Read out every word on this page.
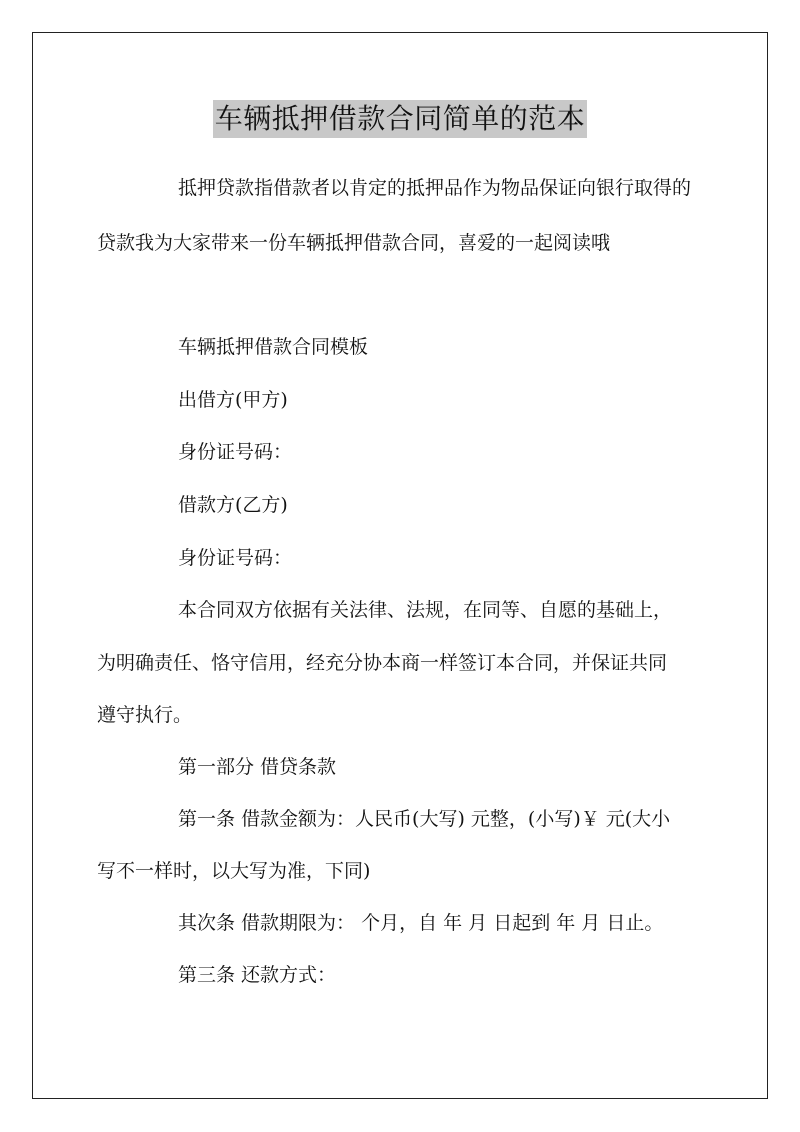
车辆抵押借款合同简单的范本

抵押贷款指借款者以肯定的抵押品作为物品保证向银行取得的

贷款我为大家带来一份车辆抵押借款合同，喜爱的一起阅读哦

车辆抵押借款合同模板

出借方(甲方)

身份证号码：

借款方(乙方)

身份证号码：

本合同双方依据有关法律、法规，在同等、自愿的基础上，

为明确责任、恪守信用，经充分协本商一样签订本合同，并保证共同

遵守执行。

第一部分 借贷条款

第一条 借款金额为：人民币(大写) 元整，(小写)￥ 元(大小

写不一样时，以大写为准，下同)

其次条 借款期限为： 个月，自 年 月 日起到 年 月 日止。

第三条 还款方式：
